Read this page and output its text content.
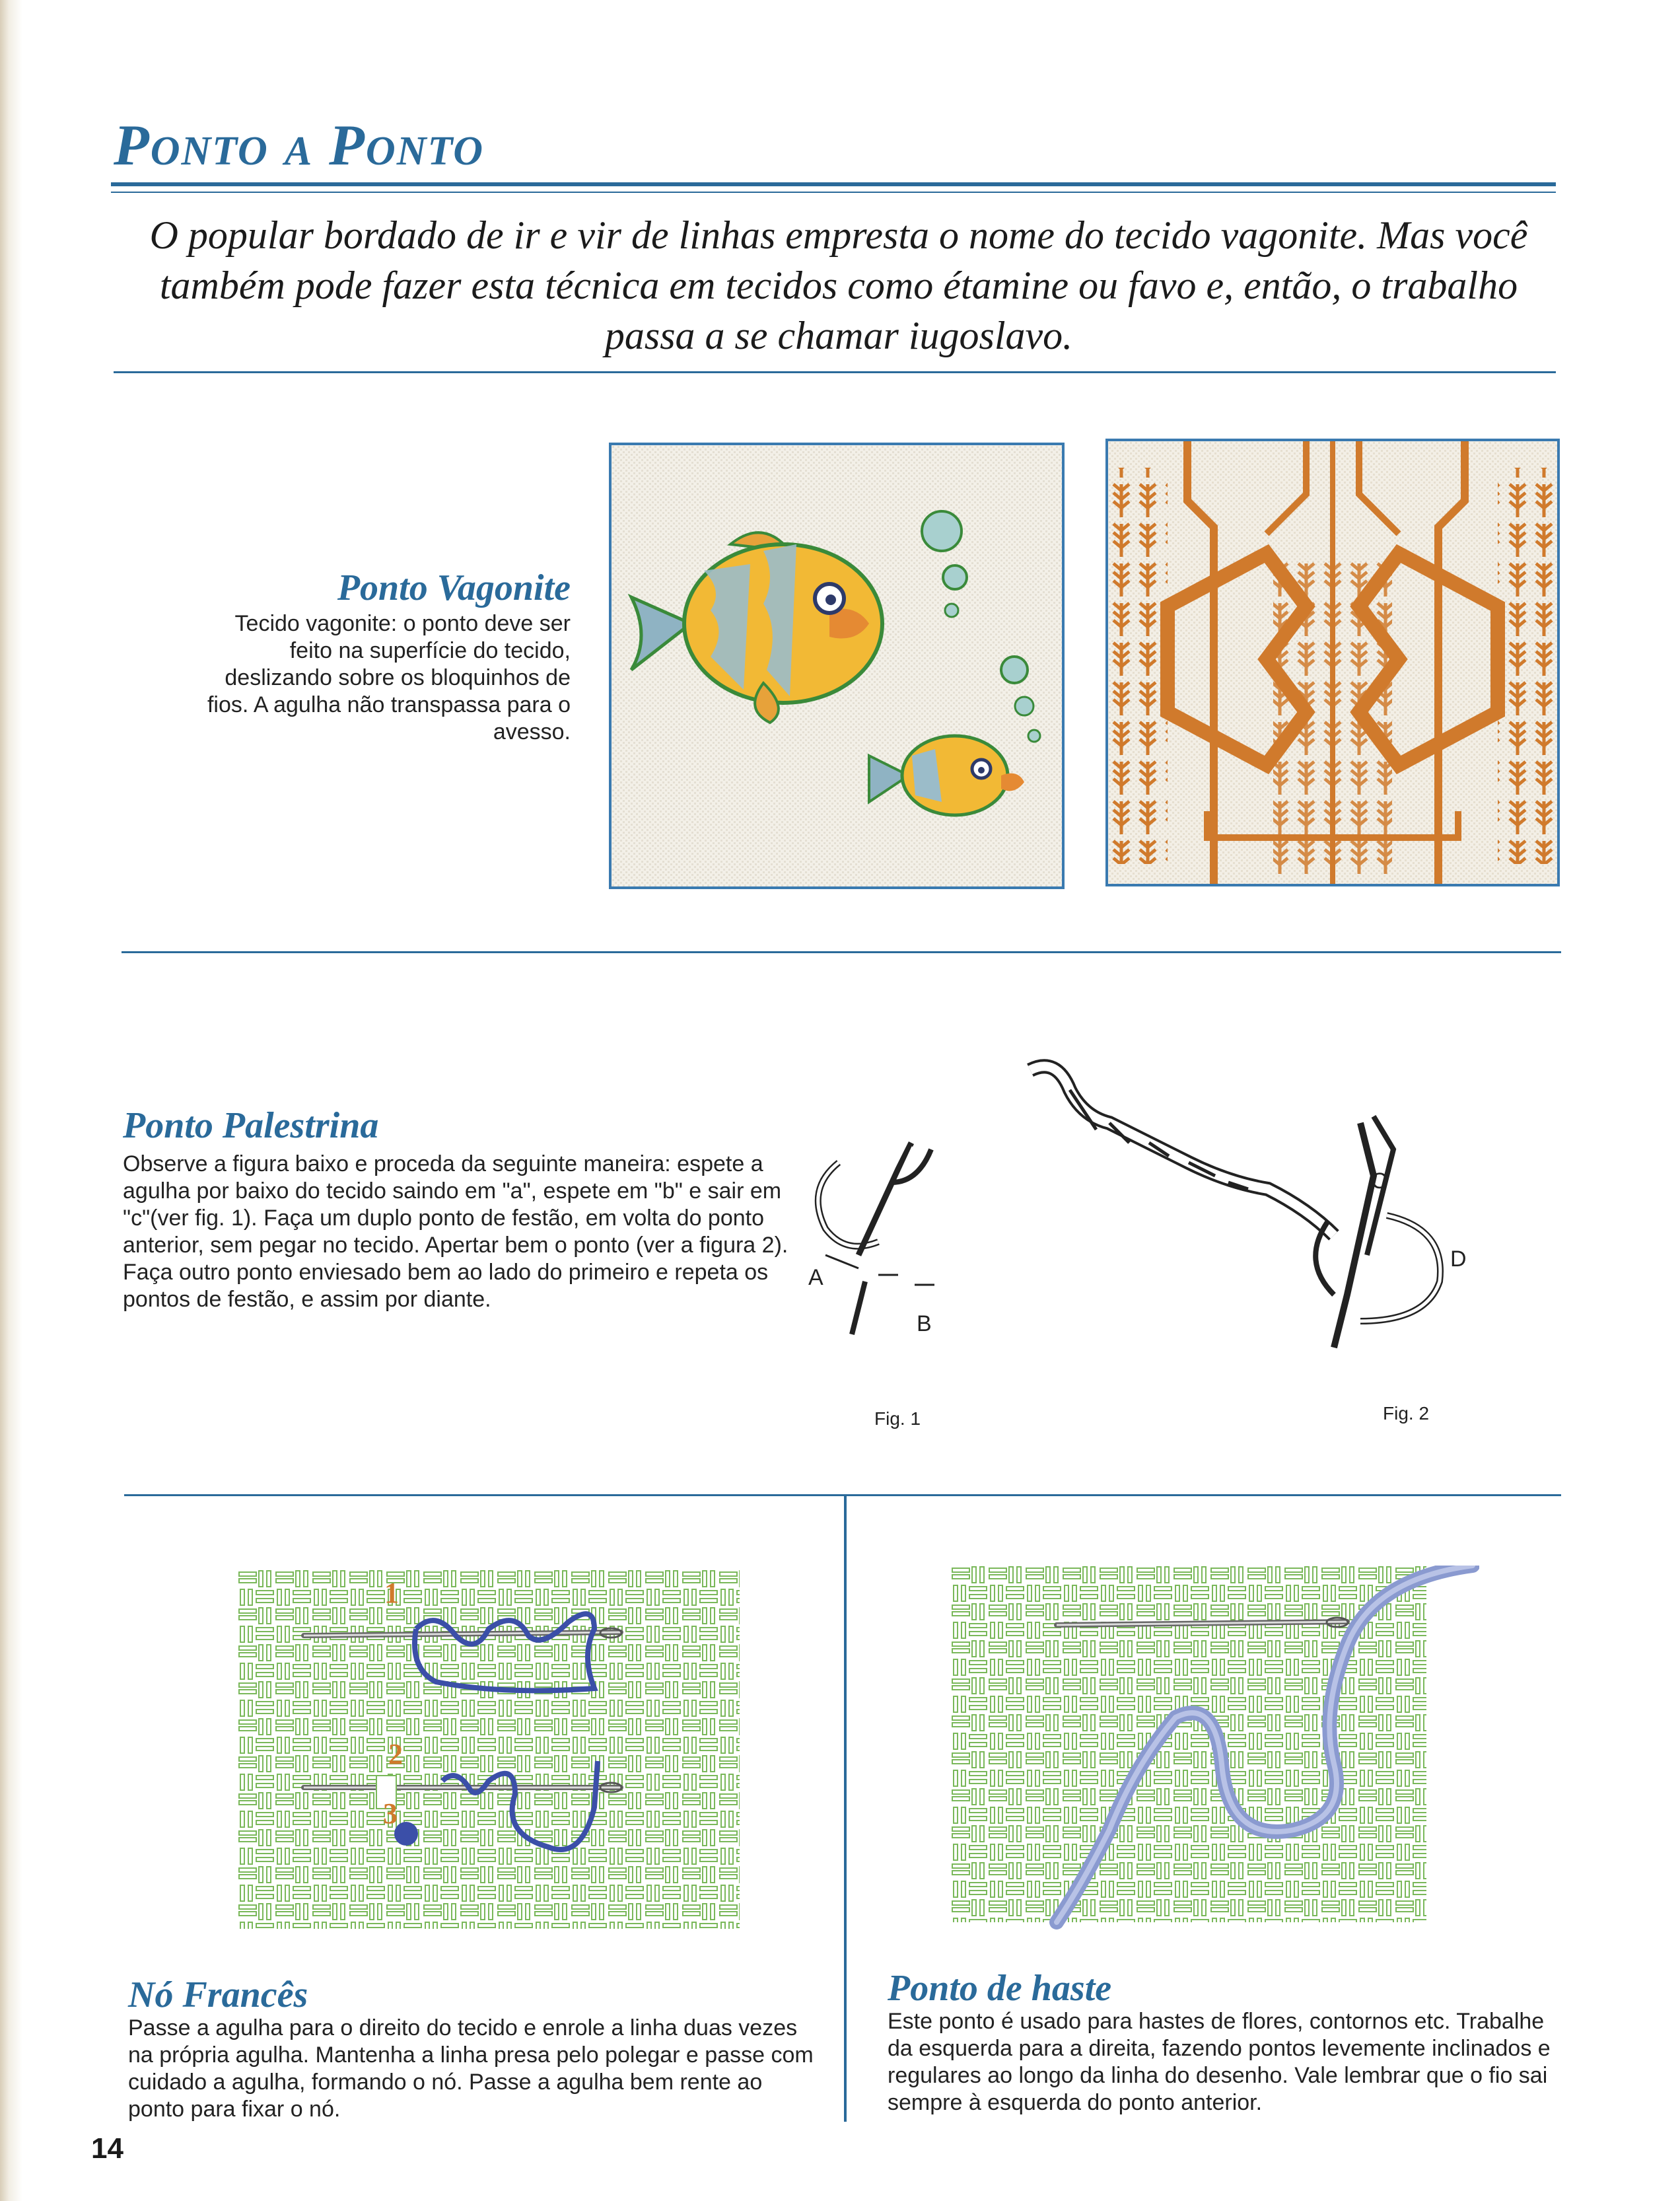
Ponto a Ponto
O popular bordado de ir e vir de linhas empresta o nome do tecido vagonite. Mas você também pode fazer esta técnica em tecidos como étamine ou favo e, então, o trabalho passa a se chamar iugoslavo.
Ponto Vagonite
Tecido vagonite: o ponto deve ser feito na superfície do tecido, deslizando sobre os bloquinhos de fios. A agulha não transpassa para o avesso.
Ponto Palestrina
Observe a figura baixo e proceda da seguinte maneira: espete a agulha por baixo do tecido saindo em "a", espete em "b" e sair em "c"(ver fig. 1). Faça um duplo ponto de festão, em volta do ponto anterior, sem pegar no tecido. Apertar bem o ponto (ver a figura 2). Faça outro ponto enviesado bem ao lado do primeiro e repeta os pontos de festão, e assim por diante.
A
B
Fig. 1
C
D
Fig. 2
1
2
3
Nó Francês
Passe a agulha para o direito do tecido e enrole a linha duas vezes na própria agulha. Mantenha a linha presa pelo polegar e passe com cuidado a agulha, formando o nó. Passe a agulha bem rente ao ponto para fixar o nó.
Ponto de haste
Este ponto é usado para hastes de flores, contornos etc. Trabalhe da esquerda para a direita, fazendo pontos levemente inclinados e regulares ao longo da linha do desenho. Vale lembrar que o fio sai sempre à esquerda do ponto anterior.
14
